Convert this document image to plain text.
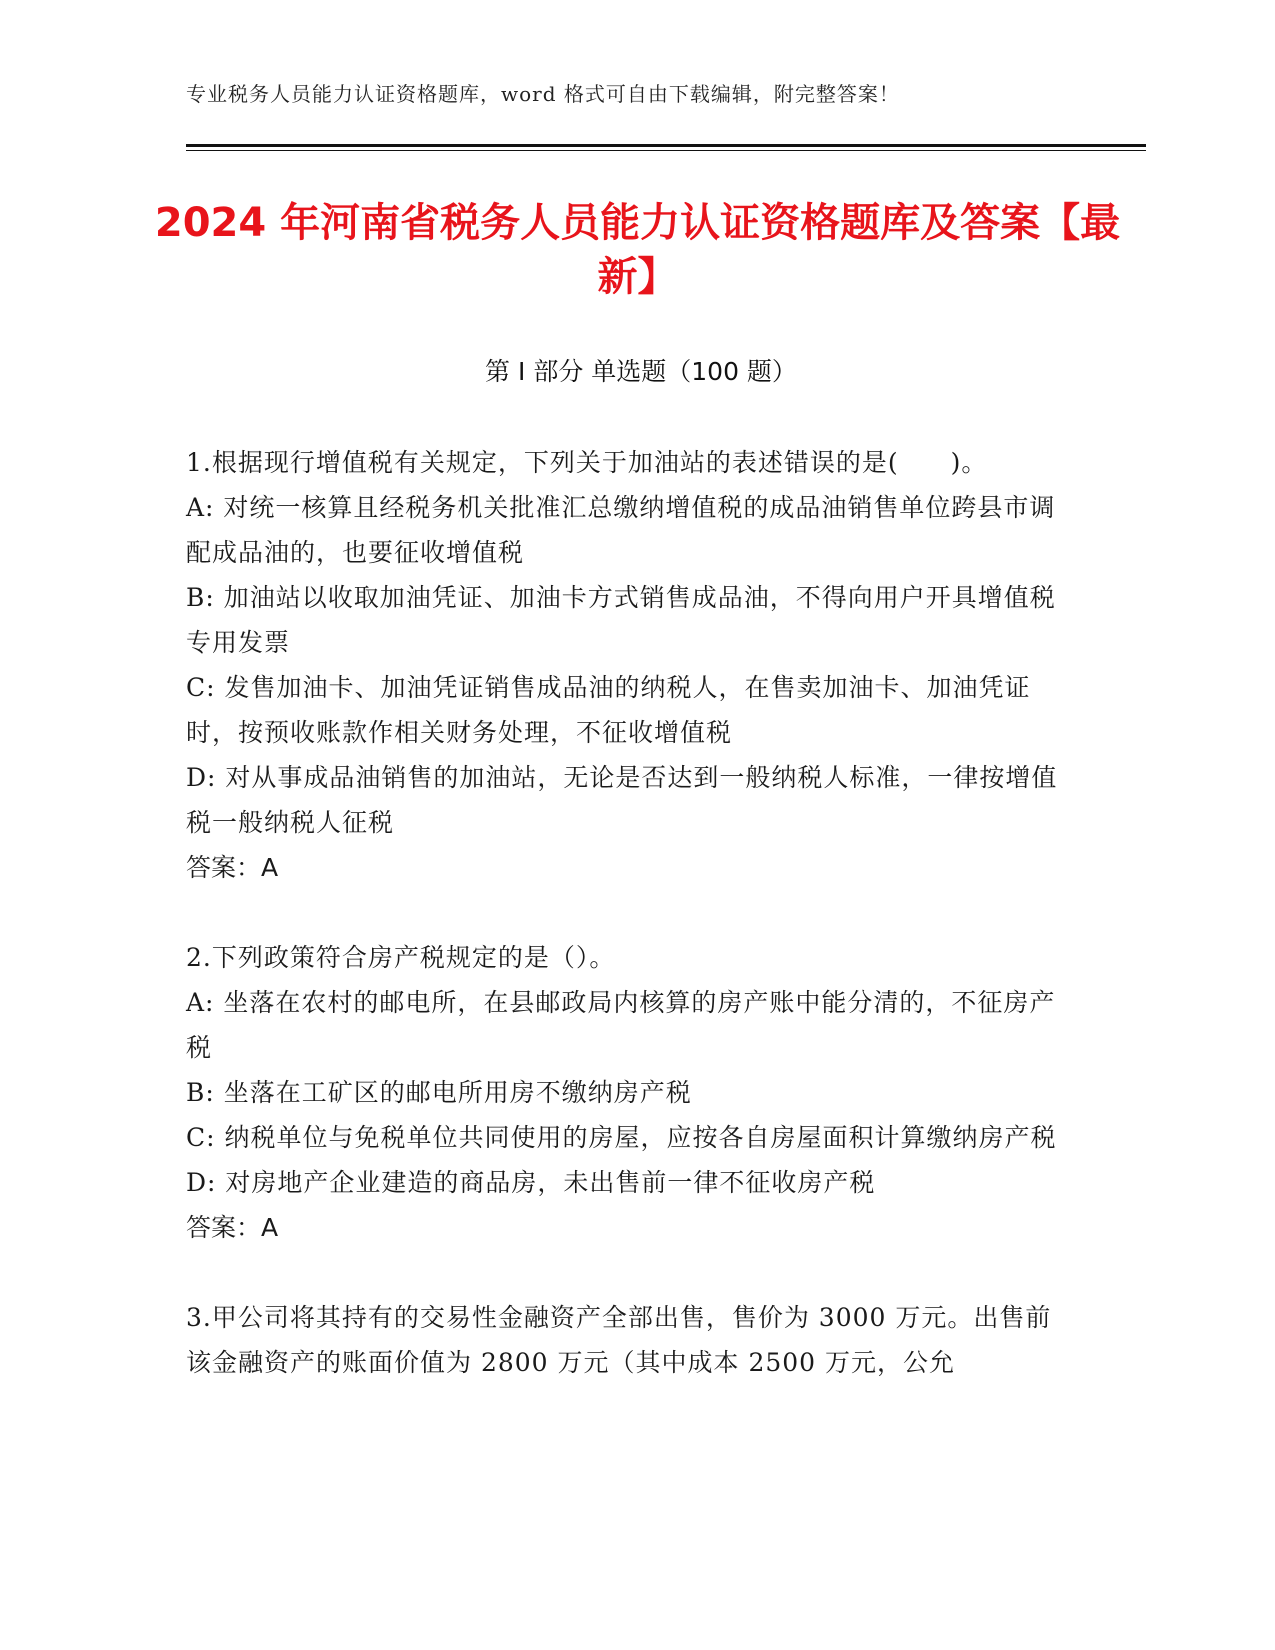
专业税务人员能力认证资格题库，word 格式可自由下载编辑，附完整答案！
2024 年河南省税务人员能力认证资格题库及答案【最新】
第 I 部分 单选题（100 题）

1.根据现行增值税有关规定，下列关于加油站的表述错误的是(　　)。

A: 对统一核算且经税务机关批准汇总缴纳增值税的成品油销售单位跨县市调配成品油的，也要征收增值税

B: 加油站以收取加油凭证、加油卡方式销售成品油，不得向用户开具增值税专用发票

C: 发售加油卡、加油凭证销售成品油的纳税人，在售卖加油卡、加油凭证时，按预收账款作相关财务处理，不征收增值税

D: 对从事成品油销售的加油站，无论是否达到一般纳税人标准，一律按增值税一般纳税人征税

答案：A

2.下列政策符合房产税规定的是（）。

A: 坐落在农村的邮电所，在县邮政局内核算的房产账中能分清的，不征房产税

B: 坐落在工矿区的邮电所用房不缴纳房产税

C: 纳税单位与免税单位共同使用的房屋，应按各自房屋面积计算缴纳房产税

D: 对房地产企业建造的商品房，未出售前一律不征收房产税

答案：A

3.甲公司将其持有的交易性金融资产全部出售，售价为 3000 万元。出售前该金融资产的账面价值为 2800 万元（其中成本 2500 万元，公允
